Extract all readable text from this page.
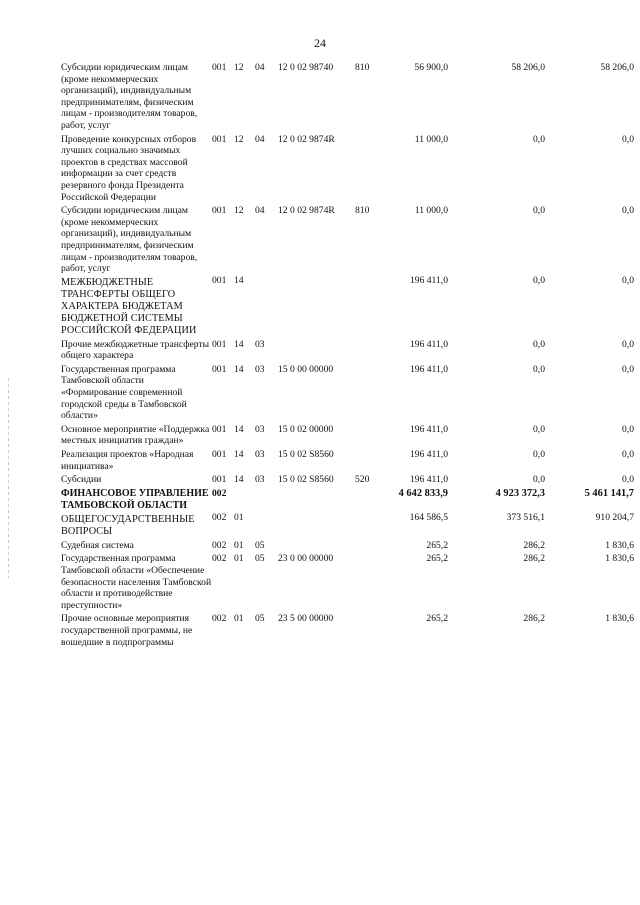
24
Субсидии юридическим лицам (кроме некоммерческих организаций), индивидуальным предпринимателям, физическим лицам - производителям товаров, работ, услуг	001	12	04	12 0 02 98740	810	56 900,0	58 206,0	58 206,0
Проведение конкурсных отборов лучших социально значимых проектов в средствах массовой информации за счет средств резервного фонда Президента Российской Федерации	001	12	04	12 0 02 9874R		11 000,0	0,0	0,0
Субсидии юридическим лицам (кроме некоммерческих организаций), индивидуальным предпринимателям, физическим лицам - производителям товаров, работ, услуг	001	12	04	12 0 02 9874R	810	11 000,0	0,0	0,0
МЕЖБЮДЖЕТНЫЕ ТРАНСФЕРТЫ ОБЩЕГО ХАРАКТЕРА БЮДЖЕТАМ БЮДЖЕТНОЙ СИСТЕМЫ РОССИЙСКОЙ ФЕДЕРАЦИИ	001	14				196 411,0	0,0	0,0
Прочие межбюджетные трансферты общего характера	001	14	03			196 411,0	0,0	0,0
Государственная программа Тамбовской области «Формирование современной городской среды в Тамбовской области»	001	14	03	15 0 00 00000		196 411,0	0,0	0,0
Основное мероприятие «Поддержка местных инициатив граждан»	001	14	03	15 0 02 00000		196 411,0	0,0	0,0
Реализация проектов «Народная инициатива»	001	14	03	15 0 02 S8560		196 411,0	0,0	0,0
Субсидии	001	14	03	15 0 02 S8560	520	196 411,0	0,0	0,0
ФИНАНСОВОЕ УПРАВЛЕНИЕ ТАМБОВСКОЙ ОБЛАСТИ	002					4 642 833,9	4 923 372,3	5 461 141,7
ОБЩЕГОСУДАРСТВЕННЫЕ ВОПРОСЫ	002	01				164 586,5	373 516,1	910 204,7
Судебная система	002	01	05			265,2	286,2	1 830,6
Государственная программа Тамбовской области «Обеспечение безопасности населения Тамбовской области и противодействие преступности»	002	01	05	23 0 00 00000		265,2	286,2	1 830,6
Прочие основные мероприятия государственной программы, не вошедшие в подпрограммы	002	01	05	23 5 00 00000		265,2	286,2	1 830,6
